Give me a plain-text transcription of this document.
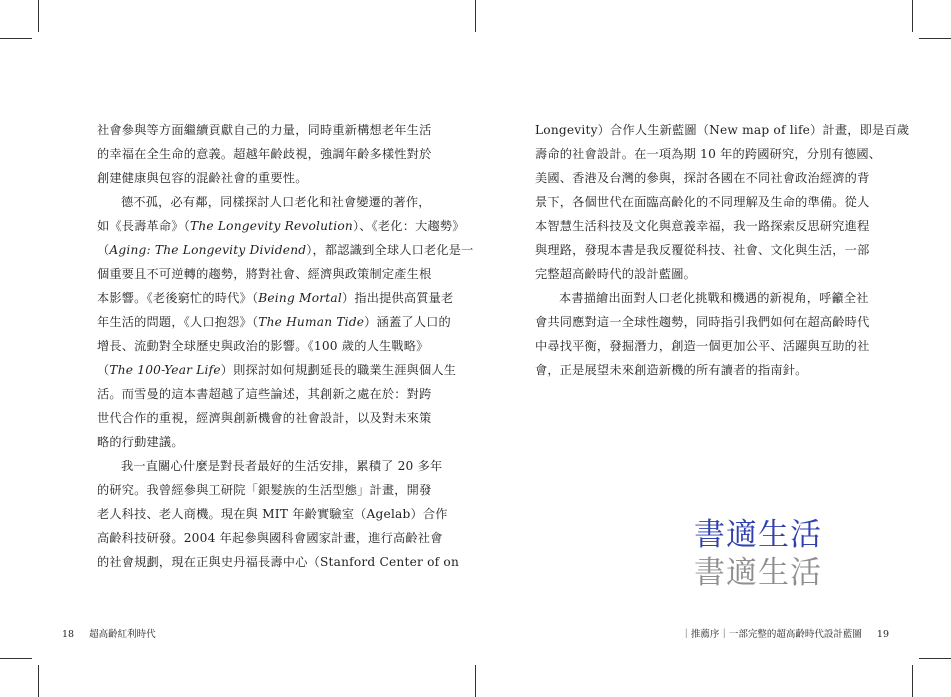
社會參與等方面繼續貢獻自己的力量，同時重新構想老年生活
的幸福在全生命的意義。超越年齡歧視，強調年齡多樣性對於
創建健康與包容的混齡社會的重要性。
德不孤，必有鄰，同樣探討人口老化和社會變遷的著作，
如《長壽革命》（The Longevity Revolution）、《老化：大趨勢》
（Aging: The Longevity Dividend），都認識到全球人口老化是一
個重要且不可逆轉的趨勢，將對社會、經濟與政策制定產生根
本影響。《老後窮忙的時代》（Being Mortal）指出提供高質量老
年生活的問題，《人口抱怨》（The Human Tide）涵蓋了人口的
增長、流動對全球歷史與政治的影響。《100 歲的人生戰略》
（The 100-Year Life）則探討如何規劃延長的職業生涯與個人生
活。而雪曼的這本書超越了這些論述，其創新之處在於：對跨
世代合作的重視，經濟與創新機會的社會設計，以及對未來策
略的行動建議。
我一直關心什麼是對長者最好的生活安排，累積了 20 多年
的研究。我曾經參與工研院「銀髮族的生活型態」計畫，開發
老人科技、老人商機。現在與 MIT 年齡實驗室（Agelab）合作
高齡科技研發。2004 年起參與國科會國家計畫，進行高齡社會
的社會規劃，現在正與史丹福長壽中心（Stanford Center of on
Longevity）合作人生新藍圖（New map of life）計畫，即是百歲
壽命的社會設計。在一項為期 10 年的跨國研究，分別有德國、
美國、香港及台灣的參與，探討各國在不同社會政治經濟的背
景下，各個世代在面臨高齡化的不同理解及生命的準備。從人
本智慧生活科技及文化與意義幸福，我一路探索反思研究進程
與理路，發現本書是我反覆從科技、社會、文化與生活，一部
完整超高齡時代的設計藍圖。
本書描繪出面對人口老化挑戰和機遇的新視角，呼籲全社
會共同應對這一全球性趨勢，同時指引我們如何在超高齡時代
中尋找平衡，發掘潛力，創造一個更加公平、活躍與互助的社
會，正是展望未來創造新機的所有讀者的指南針。
書適生活
書適生活
18 超高齡紅利時代	｜推薦序｜一部完整的超高齡時代設計藍圖 19
